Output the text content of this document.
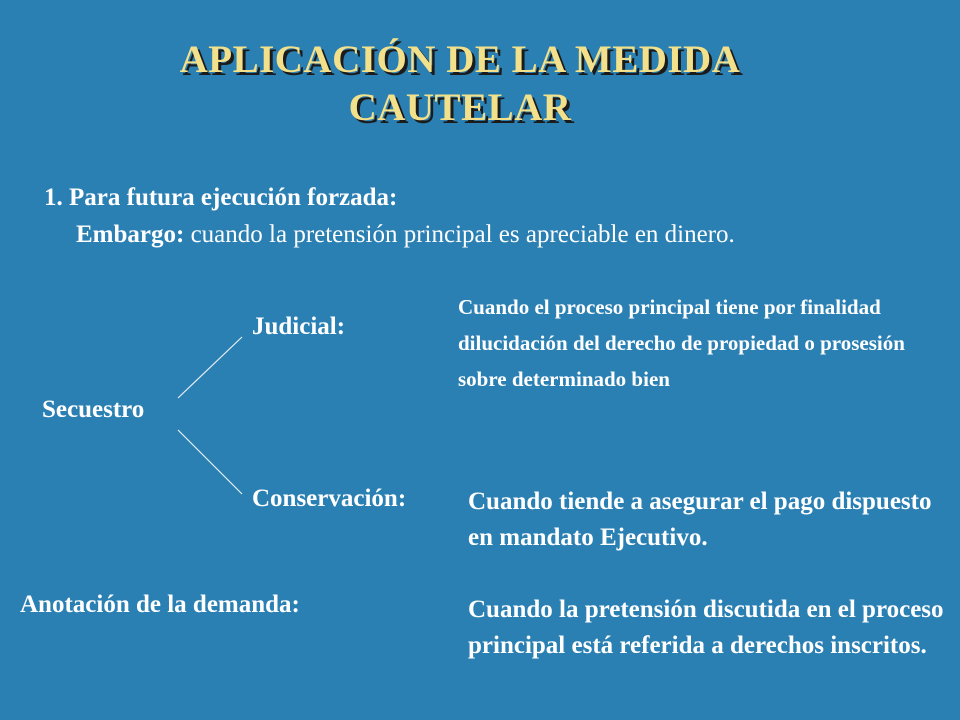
APLICACIÓN DE LA MEDIDA
CAUTELAR
1. Para futura ejecución forzada:
Embargo: cuando la pretensión principal es apreciable en dinero.
Secuestro
Judicial:
Cuando el proceso principal tiene por finalidad dilucidación del derecho de propiedad o prosesión sobre determinado bien
Conservación: Cuando tiende a asegurar el pago dispuesto en mandato Ejecutivo.
Anotación de la demanda:	Cuando la pretensión discutida en el proceso principal está referida a derechos inscritos.
